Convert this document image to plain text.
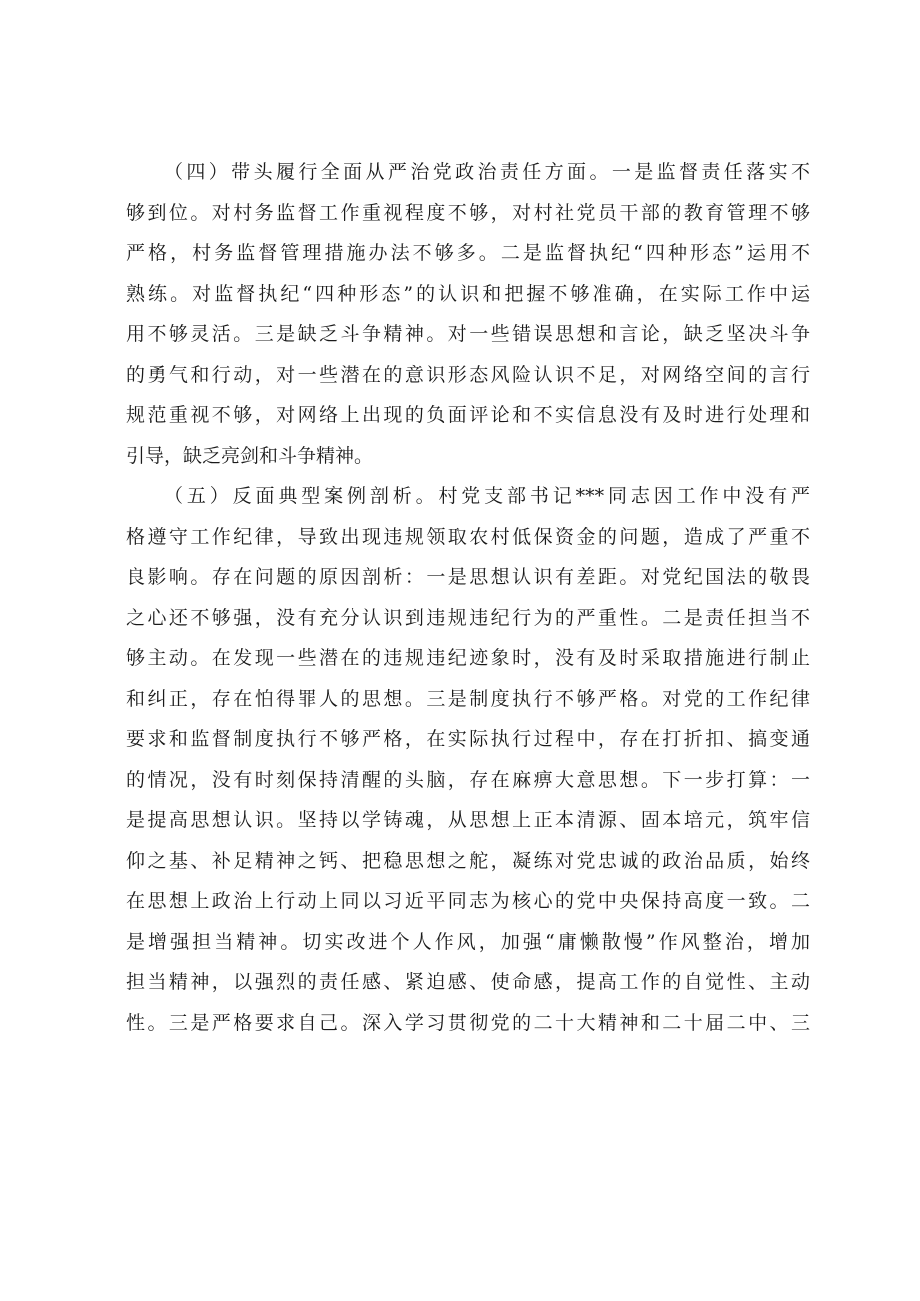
（四）带头履行全面从严治党政治责任方面。一是监督责任落实不
够到位。对村务监督工作重视程度不够，对村社党员干部的教育管理不够
严格，村务监督管理措施办法不够多。二是监督执纪“四种形态”运用不
熟练。对监督执纪“四种形态”的认识和把握不够准确，在实际工作中运
用不够灵活。三是缺乏斗争精神。对一些错误思想和言论，缺乏坚决斗争
的勇气和行动，对一些潜在的意识形态风险认识不足，对网络空间的言行
规范重视不够，对网络上出现的负面评论和不实信息没有及时进行处理和
引导，缺乏亮剑和斗争精神。
（五）反面典型案例剖析。村党支部书记***同志因工作中没有严
格遵守工作纪律，导致出现违规领取农村低保资金的问题，造成了严重不
良影响。存在问题的原因剖析：一是思想认识有差距。对党纪国法的敬畏
之心还不够强，没有充分认识到违规违纪行为的严重性。二是责任担当不
够主动。在发现一些潜在的违规违纪迹象时，没有及时采取措施进行制止
和纠正，存在怕得罪人的思想。三是制度执行不够严格。对党的工作纪律
要求和监督制度执行不够严格，在实际执行过程中，存在打折扣、搞变通
的情况，没有时刻保持清醒的头脑，存在麻痹大意思想。下一步打算：一
是提高思想认识。坚持以学铸魂，从思想上正本清源、固本培元，筑牢信
仰之基、补足精神之钙、把稳思想之舵，凝练对党忠诚的政治品质，始终
在思想上政治上行动上同以习近平同志为核心的党中央保持高度一致。二
是增强担当精神。切实改进个人作风，加强“庸懒散慢”作风整治，增加
担当精神，以强烈的责任感、紧迫感、使命感，提高工作的自觉性、主动
性。三是严格要求自己。深入学习贯彻党的二十大精神和二十届二中、三
